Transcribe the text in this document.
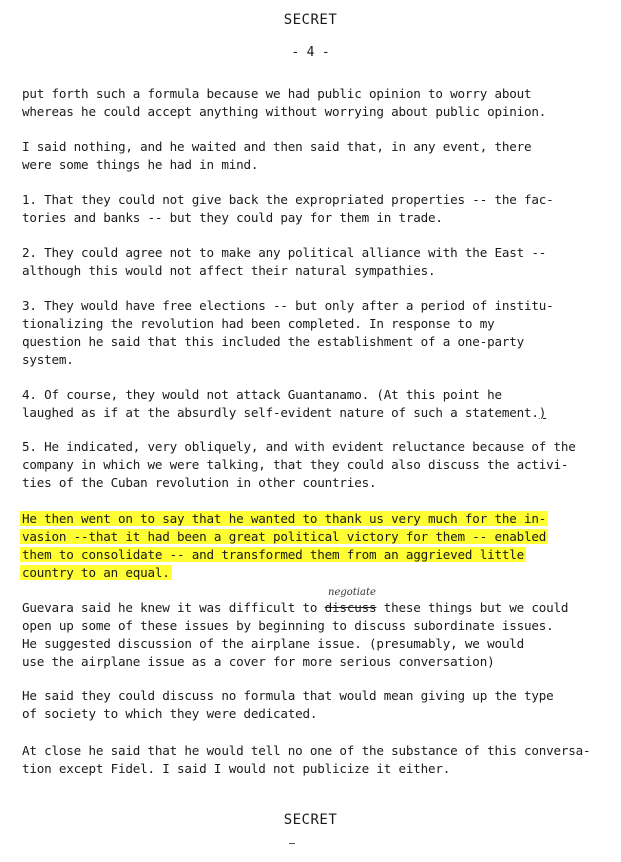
SECRET
- 4 -
put forth such a formula because we had public opinion to worry about
whereas he could accept anything without worrying about public opinion.
I said nothing, and he waited and then said that, in any event, there
were some things he had in mind.
1. That they could not give back the expropriated properties -- the fac-
tories and banks -- but they could pay for them in trade.
2. They could agree not to make any political alliance with the East --
although this would not affect their natural sympathies.
3. They would have free elections -- but only after a period of institu-
tionalizing the revolution had been completed. In response to my
question he said that this included the establishment of a one-party
system.
4. Of course, they would not attack Guantanamo. (At this point he
laughed as if at the absurdly self-evident nature of such a statement.)
5. He indicated, very obliquely, and with evident reluctance because of the
company in which we were talking, that they could also discuss the activi-
ties of the Cuban revolution in other countries.
He then went on to say that he wanted to thank us very much for the in-
vasion --that it had been a great political victory for them -- enabled
them to consolidate -- and transformed them from an aggrieved little
country to an equal.
negotiate
Guevara said he knew it was difficult to discuss these things but we could
open up some of these issues by beginning to discuss subordinate issues.
He suggested discussion of the airplane issue. (presumably, we would
use the airplane issue as a cover for more serious conversation)
He said they could discuss no formula that would mean giving up the type
of society to which they were dedicated.
At close he said that he would tell no one of the substance of this conversa-
tion except Fidel. I said I would not publicize it either.
SECRET
